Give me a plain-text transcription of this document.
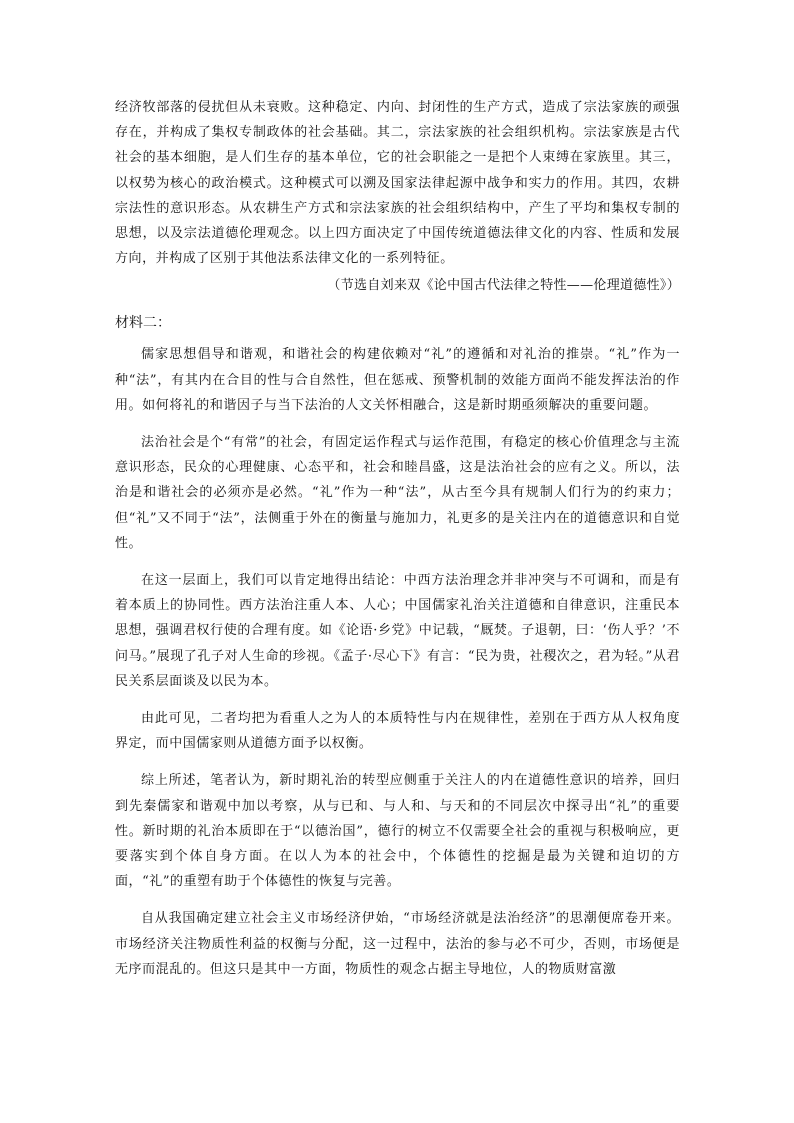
经济牧部落的侵扰但从未衰败。这种稳定、内向、封闭性的生产方式，造成了宗法家族的顽强存在，并构成了集权专制政体的社会基础。其二，宗法家族的社会组织机构。宗法家族是古代社会的基本细胞，是人们生存的基本单位，它的社会职能之一是把个人束缚在家族里。其三，以权势为核心的政治模式。这种模式可以溯及国家法律起源中战争和实力的作用。其四，农耕宗法性的意识形态。从农耕生产方式和宗法家族的社会组织结构中，产生了平均和集权专制的思想，以及宗法道德伦理观念。以上四方面决定了中国传统道德法律文化的内容、性质和发展方向，并构成了区别于其他法系法律文化的一系列特征。

（节选自刘来双《论中国古代法律之特性——伦理道德性》）

材料二：

儒家思想倡导和谐观，和谐社会的构建依赖对“礼”的遵循和对礼治的推崇。“礼”作为一种“法”，有其内在合目的性与合自然性，但在惩戒、预警机制的效能方面尚不能发挥法治的作用。如何将礼的和谐因子与当下法治的人文关怀相融合，这是新时期亟须解决的重要问题。

法治社会是个“有常”的社会，有固定运作程式与运作范围，有稳定的核心价值理念与主流意识形态，民众的心理健康、心态平和，社会和睦昌盛，这是法治社会的应有之义。所以，法治是和谐社会的必须亦是必然。“礼”作为一种“法”，从古至今具有规制人们行为的约束力；但“礼”又不同于“法”，法侧重于外在的衡量与施加力，礼更多的是关注内在的道德意识和自觉性。

在这一层面上，我们可以肯定地得出结论：中西方法治理念并非冲突与不可调和，而是有着本质上的协同性。西方法治注重人本、人心；中国儒家礼治关注道德和自律意识，注重民本思想，强调君权行使的合理有度。如《论语·乡党》中记载，“厩焚。子退朝，曰：‘伤人乎？’不问马。”展现了孔子对人生命的珍视。《孟子·尽心下》有言：“民为贵，社稷次之，君为轻。”从君民关系层面谈及以民为本。

由此可见，二者均把为看重人之为人的本质特性与内在规律性，差别在于西方从人权角度界定，而中国儒家则从道德方面予以权衡。

综上所述，笔者认为，新时期礼治的转型应侧重于关注人的内在道德性意识的培养，回归到先秦儒家和谐观中加以考察，从与已和、与人和、与天和的不同层次中探寻出“礼”的重要性。新时期的礼治本质即在于“以德治国”，德行的树立不仅需要全社会的重视与积极响应，更要落实到个体自身方面。在以人为本的社会中，个体德性的挖掘是最为关键和迫切的方面，“礼”的重塑有助于个体德性的恢复与完善。

自从我国确定建立社会主义市场经济伊始，“市场经济就是法治经济”的思潮便席卷开来。市场经济关注物质性利益的权衡与分配，这一过程中，法治的参与必不可少，否则，市场便是无序而混乱的。但这只是其中一方面，物质性的观念占据主导地位，人的物质财富激
